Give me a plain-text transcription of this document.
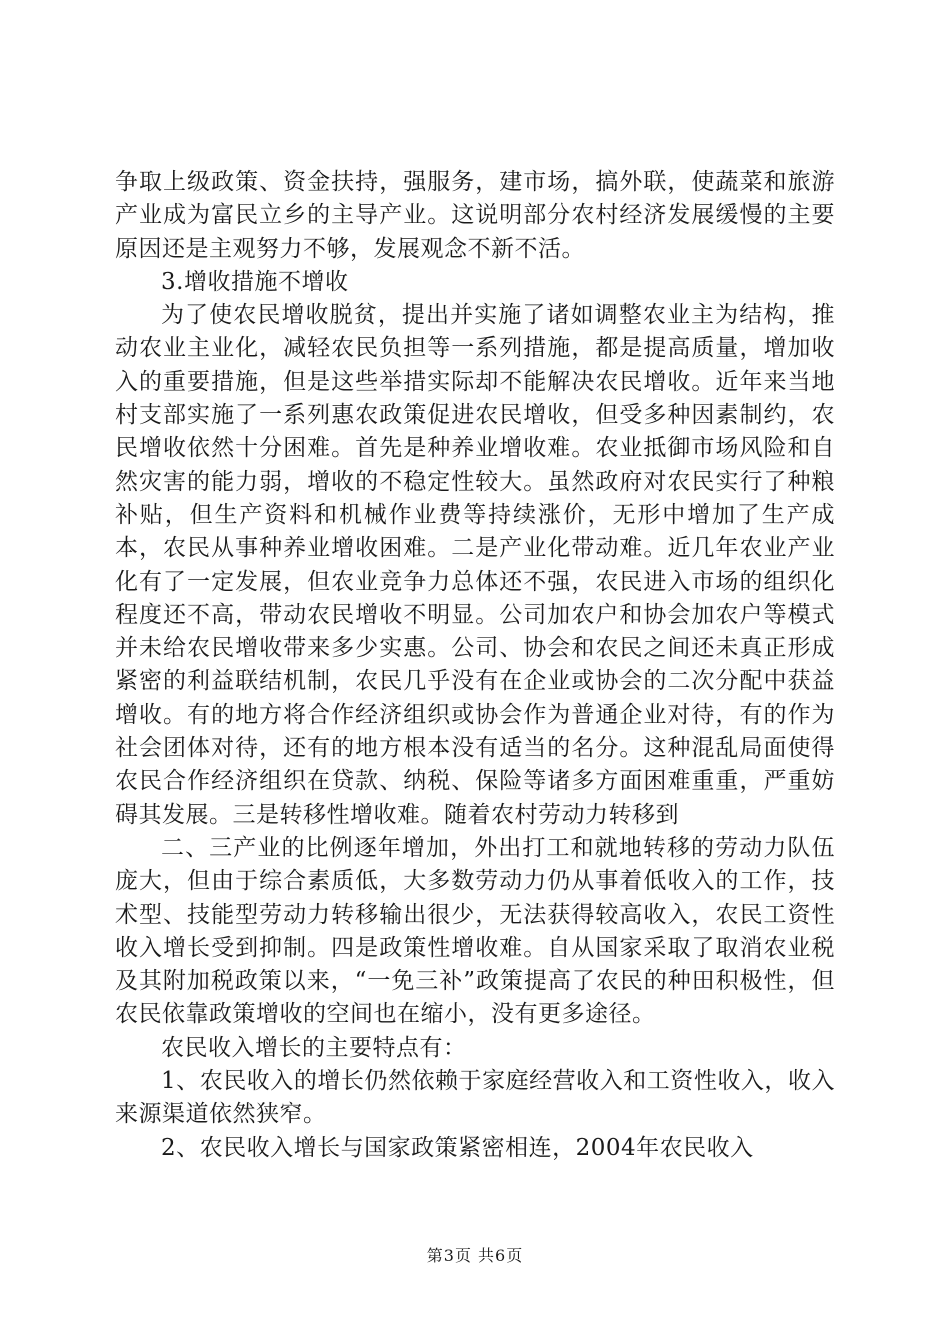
争取上级政策、资金扶持，强服务，建市场，搞外联，使蔬菜和旅游产业成为富民立乡的主导产业。这说明部分农村经济发展缓慢的主要原因还是主观努力不够，发展观念不新不活。

3.增收措施不增收

为了使农民增收脱贫，提出并实施了诸如调整农业主为结构，推动农业主业化，减轻农民负担等一系列措施，都是提高质量，增加收入的重要措施，但是这些举措实际却不能解决农民增收。近年来当地村支部实施了一系列惠农政策促进农民增收，但受多种因素制约，农民增收依然十分困难。首先是种养业增收难。农业抵御市场风险和自然灾害的能力弱，增收的不稳定性较大。虽然政府对农民实行了种粮补贴，但生产资料和机械作业费等持续涨价，无形中增加了生产成本，农民从事种养业增收困难。二是产业化带动难。近几年农业产业化有了一定发展，但农业竞争力总体还不强，农民进入市场的组织化程度还不高，带动农民增收不明显。公司加农户和协会加农户等模式并未给农民增收带来多少实惠。公司、协会和农民之间还未真正形成紧密的利益联结机制，农民几乎没有在企业或协会的二次分配中获益增收。有的地方将合作经济组织或协会作为普通企业对待，有的作为社会团体对待，还有的地方根本没有适当的名分。这种混乱局面使得农民合作经济组织在贷款、纳税、保险等诸多方面困难重重，严重妨碍其发展。三是转移性增收难。随着农村劳动力转移到

二、三产业的比例逐年增加，外出打工和就地转移的劳动力队伍庞大，但由于综合素质低，大多数劳动力仍从事着低收入的工作，技术型、技能型劳动力转移输出很少，无法获得较高收入，农民工资性收入增长受到抑制。四是政策性增收难。自从国家采取了取消农业税及其附加税政策以来，“一免三补”政策提高了农民的种田积极性，但农民依靠政策增收的空间也在缩小，没有更多途径。

农民收入增长的主要特点有：

1、农民收入的增长仍然依赖于家庭经营收入和工资性收入，收入来源渠道依然狭窄。

2、农民收入增长与国家政策紧密相连，2004年农民收入

第3页 共6页
